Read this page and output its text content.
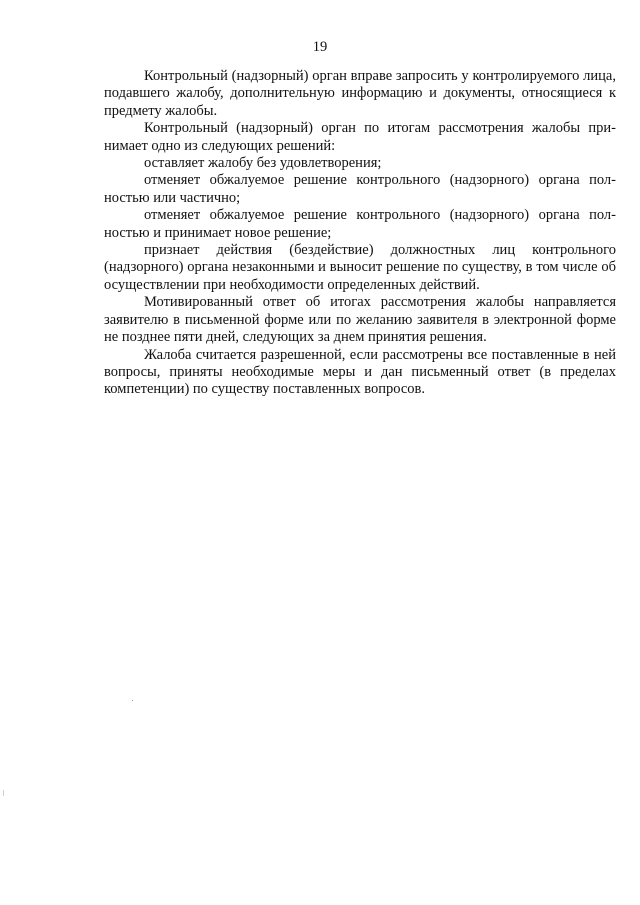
19

Контрольный (надзорный) орган вправе запросить у контролируемого лица, подавшего жалобу, дополнительную информацию и документы, относящиеся к предмету жалобы.

Контрольный (надзорный) орган по итогам рассмотрения жалобы принимает одно из следующих решений:

оставляет жалобу без удовлетворения;

отменяет обжалуемое решение контрольного (надзорного) органа полностью или частично;

отменяет обжалуемое решение контрольного (надзорного) органа полностью и принимает новое решение;

признает действия (бездействие) должностных лиц контрольного (надзорного) органа незаконными и выносит решение по существу, в том числе об осуществлении при необходимости определенных действий.

Мотивированный ответ об итогах рассмотрения жалобы направляется заявителю в письменной форме или по желанию заявителя в электронной форме не позднее пяти дней, следующих за днем принятия решения.

Жалоба считается разрешенной, если рассмотрены все поставленные в ней вопросы, приняты необходимые меры и дан письменный ответ (в пределах компетенции) по существу поставленных вопросов.
